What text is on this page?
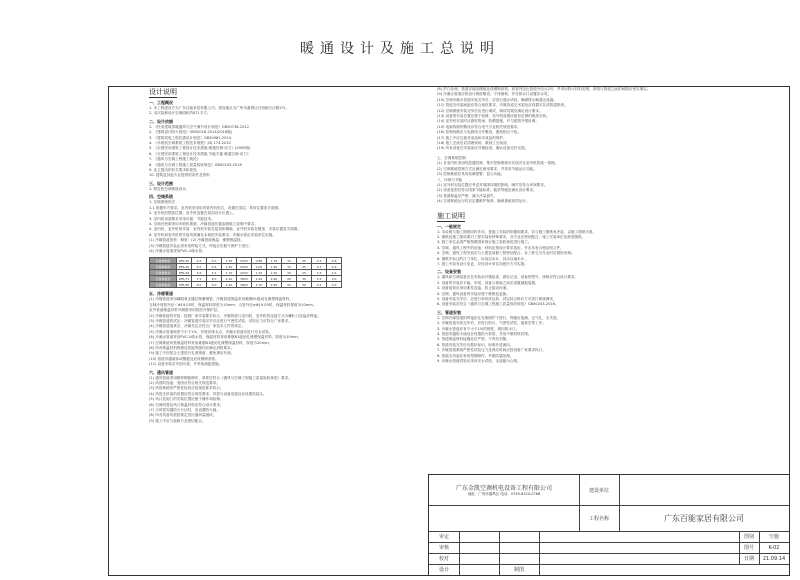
暖通设计及施工总说明
设计说明
一、工程概况
1. 本工程建设方为广东百能家居有限公司，建设地点为广州市番禺区石西街石沙路2号。
2. 本次装修设计空调面积约671平方。
二、设计依据
1. 《民用建筑供暖通风与空气调节设计规范》GB50736-2012
2. 《建筑设计防火规范》GB50016-2014(2018版)
3. 《建筑机电工程抗震设计规范》GB50981-2014
4. 《多联机空调系统工程技术规程》JGJ 174-2010
5. 《全国民用建筑工程设计技术措施 暖通空调·动力》(2009版)
6. 《全国民用建筑工程设计技术措施 节能专篇 暖通空调·动力》
7. 《通风与空调工程施工规范》
8. 《通风与空调工程施工质量验收规范》GB50243-2016
9. 业主提出的有关要求和意见
10. 建筑及其他专业提供的条件及资料
三、设计范围
1. 附近热空调系统设计。
四、空调系统
1. 空调系统形式
1.1 根据甲方要求，室内机采用用风管内机形式，设置在顶层，具体位置见平面图。
2. 室外机的摆放位置；室外机放置在屋顶设计位置上。
3. 室内机设备要求采用可靠、节能技术。
4. 空调冷热源采用多联机系统，冷媒管道布置参照施工说明中要求。
5. 室内机、室外机的安装：室内机安装在屋顶和侧墙，室外机安装在楼顶，安装位置见平面图。
6. 室外机和室内机的安装均需满足本规范安装要求，冷凝水管由安装单位实施。
(1) 冷媒管道管材：铜管；(2) 冷媒管道保温：橡塑保温管。
(3) 冷媒管道安装必须采用焊接方式，焊接应在氮气保护下进行。
(4) 冷凝水管道采用PVC-U给水管。
设备参数表	KFR-45	4.5	5.0	1.35	220V	0.88	1.76	15	25	3.2	2.8
设备参数表	KFR-50	5.0	5.6	1.50	220V	1.05	1.95	15	25	3.3	2.9
设备参数表	KFR-56	5.6	6.3	1.70	220V	1.25	2.20	15	25	3.3	2.9
设备参数表	KFR-71	7.1	8.0	2.10	380V	1.50	2.60	20	30	3.4	3.0
设备参数表	KFR-80	8.0	9.0	2.40	380V	1.70	2.95	20	30	3.4	3.0
五、冷媒管道
(1) 冷媒管道采用磷脱氧无缝拉制紫铜管，冷媒管道保温采用难燃B1级闭孔橡塑保温材料。
当制冷剂管外径＜Φ19.05时，保温材料厚度为15mm；当管外径≥Φ19.05时，保温材料厚度为20mm。
室外管道保温材料外侧需采用铝箔外保护层。
(2) 冷媒管道的安装：按照厂家安装要求执行，冷媒管道与室内机、室外机的连接方式为喇叭口连接或焊接。
(3) 冷媒管道的试压：冷媒管道安装完毕后应进行气密性试验，试验压力应符合厂家要求。
(4) 冷媒管道抽真空、冷媒充注应符合厂家技术文件的规定。
(5) 冷凝水管道坡度不小于1%，并坡向排水点，冷凝水管道应进行充水试验。
(6) 冷凝水管道采用PVC-U给水管，保温材料采用难燃B1级闭孔橡塑保温材料，厚度为10mm。
(7) 空调系统风管保温材料采用难燃B1级闭孔橡塑保温材料，厚度为20mm。
(8) 所有保温材料的燃烧性能等级均应满足消防要求。
(9) 施工中应配合土建进行孔洞预留，避免事后开凿。
(10) 管道穿越墙体或楼板处应设钢制套管。
(11) 设备安装应牢固可靠，并采取减振措施。
六、通风管道
(1) 通风管道采用镀锌钢板制作，厚度应符合《通风与空调工程施工质量验收规范》要求。
(2) 风管的连接、加固应符合相关规范要求。
(3) 风管系统的严密性检验应按规范要求执行。
(4) 风管支吊架的设置应符合规范要求，风管与设备连接处应设置软接头。
(5) 风口及阀门的安装位置应便于操作和检修。
(6) 空调风管及风口保温材料应符合设计要求。
(7) 当风管穿越防火分区时，应设置防火阀。
(8) 所有风管均需按规定进行漏风量测试。
(9) 施工中应与装修专业密切配合。
(8) 护口处理，管道穿墙及楼板处设钢制套管，套管内径比管道外径大2号，并采用防火材料封堵，套管与管道之间的间隙应密实填实。
(9) 冷凝水管道应按设计坡度敷设，不得倒坡，并在排水口设置存水弯。
(10) 空调冷凝水管道安装完毕后，应进行通水试验，确保排水畅通无渗漏。
(11) 管道支吊架间距应符合规范要求，冷媒管道支吊架处应设置木托或防腐垫块。
(12) 空调系统安装完毕后应进行调试，调试结果应满足设计要求。
(13) 设备的安装位置应便于检修，室外机周围应留有足够的散热空间。
(14) 室外机安装时应做好防雨、防晒措施，并与建筑外观协调。
(15) 电源线路的敷设应符合电气专业相关规范要求。
(16) 控制线路应与电源线分开敷设，避免相互干扰。
(17) 施工中应注意对成品和半成品的保护。
(18) 施工完成后应清理现场，做到工完场清。
(19) 所有设备在安装前应开箱检查，确认设备完好无损。
七、空调系统控制
(1) 各室内机采用线控器控制，集中控制系统可实现对各室内机的统一管理。
(2) 空调系统控制方式应满足使用要求，并具有节能运行功能。
(3) 控制系统应具有故障报警、显示功能。
八、环保与节能
(1) 室外机安装位置应考虑对周围环境的影响，噪声应符合环保要求。
(2) 设备选型应符合国家节能标准，能效等级应满足设计要求。
(3) 管道保温应严密，减少冷量损失。
(4) 空调系统运行时应定期维护保养，确保系统高效运行。
施工说明
一、一般规定
1. 本说明与施工图纸同时作用，是施工安装的依据和要求，若与施工图纸有矛盾，以施工图纸为准。
2. 图纸及施工图说明对工程安装有特殊要求，各专业应密切配合，施工安装单位应熟悉图纸。
3. 施工单位必须严格按照国家现行施工验收规范进行施工。
4. 空调、通风工程中的设备、材料应按设计要求选用，并应具有合格证明文件。
5. 空调、通风工程安装应与土建及装修工程密切配合，各工种交叉作业时应做好协调。
6. 图纸中标注的尺寸单位，标高以米计，其余以毫米计。
7. 施工中如有设计变更，应经设计单位同意后方可实施。
二、设备安装
1. 通风和空调设备应在安装前开箱检查，做好记录，设备的型号、规格应符合设计要求。
2. 设备的安装应平稳、牢固，设备与基础之间应设置减振装置。
3. 设备接管应采用柔性连接，防止振动传递。
4. 空调、通风设备的安装应便于维修及更换。
5. 设备安装完毕后，应进行单机试运转，试运转合格后方可进行系统调试。
6. 设备安装应符合《通风与空调工程施工质量验收规范》GB50243-2016。
三、管道安装
1. 空调冷媒管道的焊接应在充氮保护下进行，焊缝应饱满、无气孔、无夹渣。
2. 冷媒管道安装完毕后，应进行吹污、气密性试验、抽真空等工序。
3. 冷凝水管道应有不小于1%的坡度，坡向排水口。
4. 管道穿越防火墙处应设置防火套管，并用不燃材料封堵。
5. 管道保温材料接缝处应严密，不得有空隙。
6. 管道安装完毕后应做好标识，标明介质流向。
7. 冷媒管道系统严密性试验压力及保压时间应按设备厂家要求执行。
8. 管道支吊架应采用型钢制作，并做防腐处理。
9. 冷凝水管道试验应采用充水试验，无渗漏为合格。
广东金凯空调机电设备工程有限公司
地址：广州市番禺区 电话：0745-8220-0766
建设单位
工程名称	广东百能家居有限公司
审定	图别	空施
审核	图号	K-02
校对	日期	21.09.14
设计	制图
